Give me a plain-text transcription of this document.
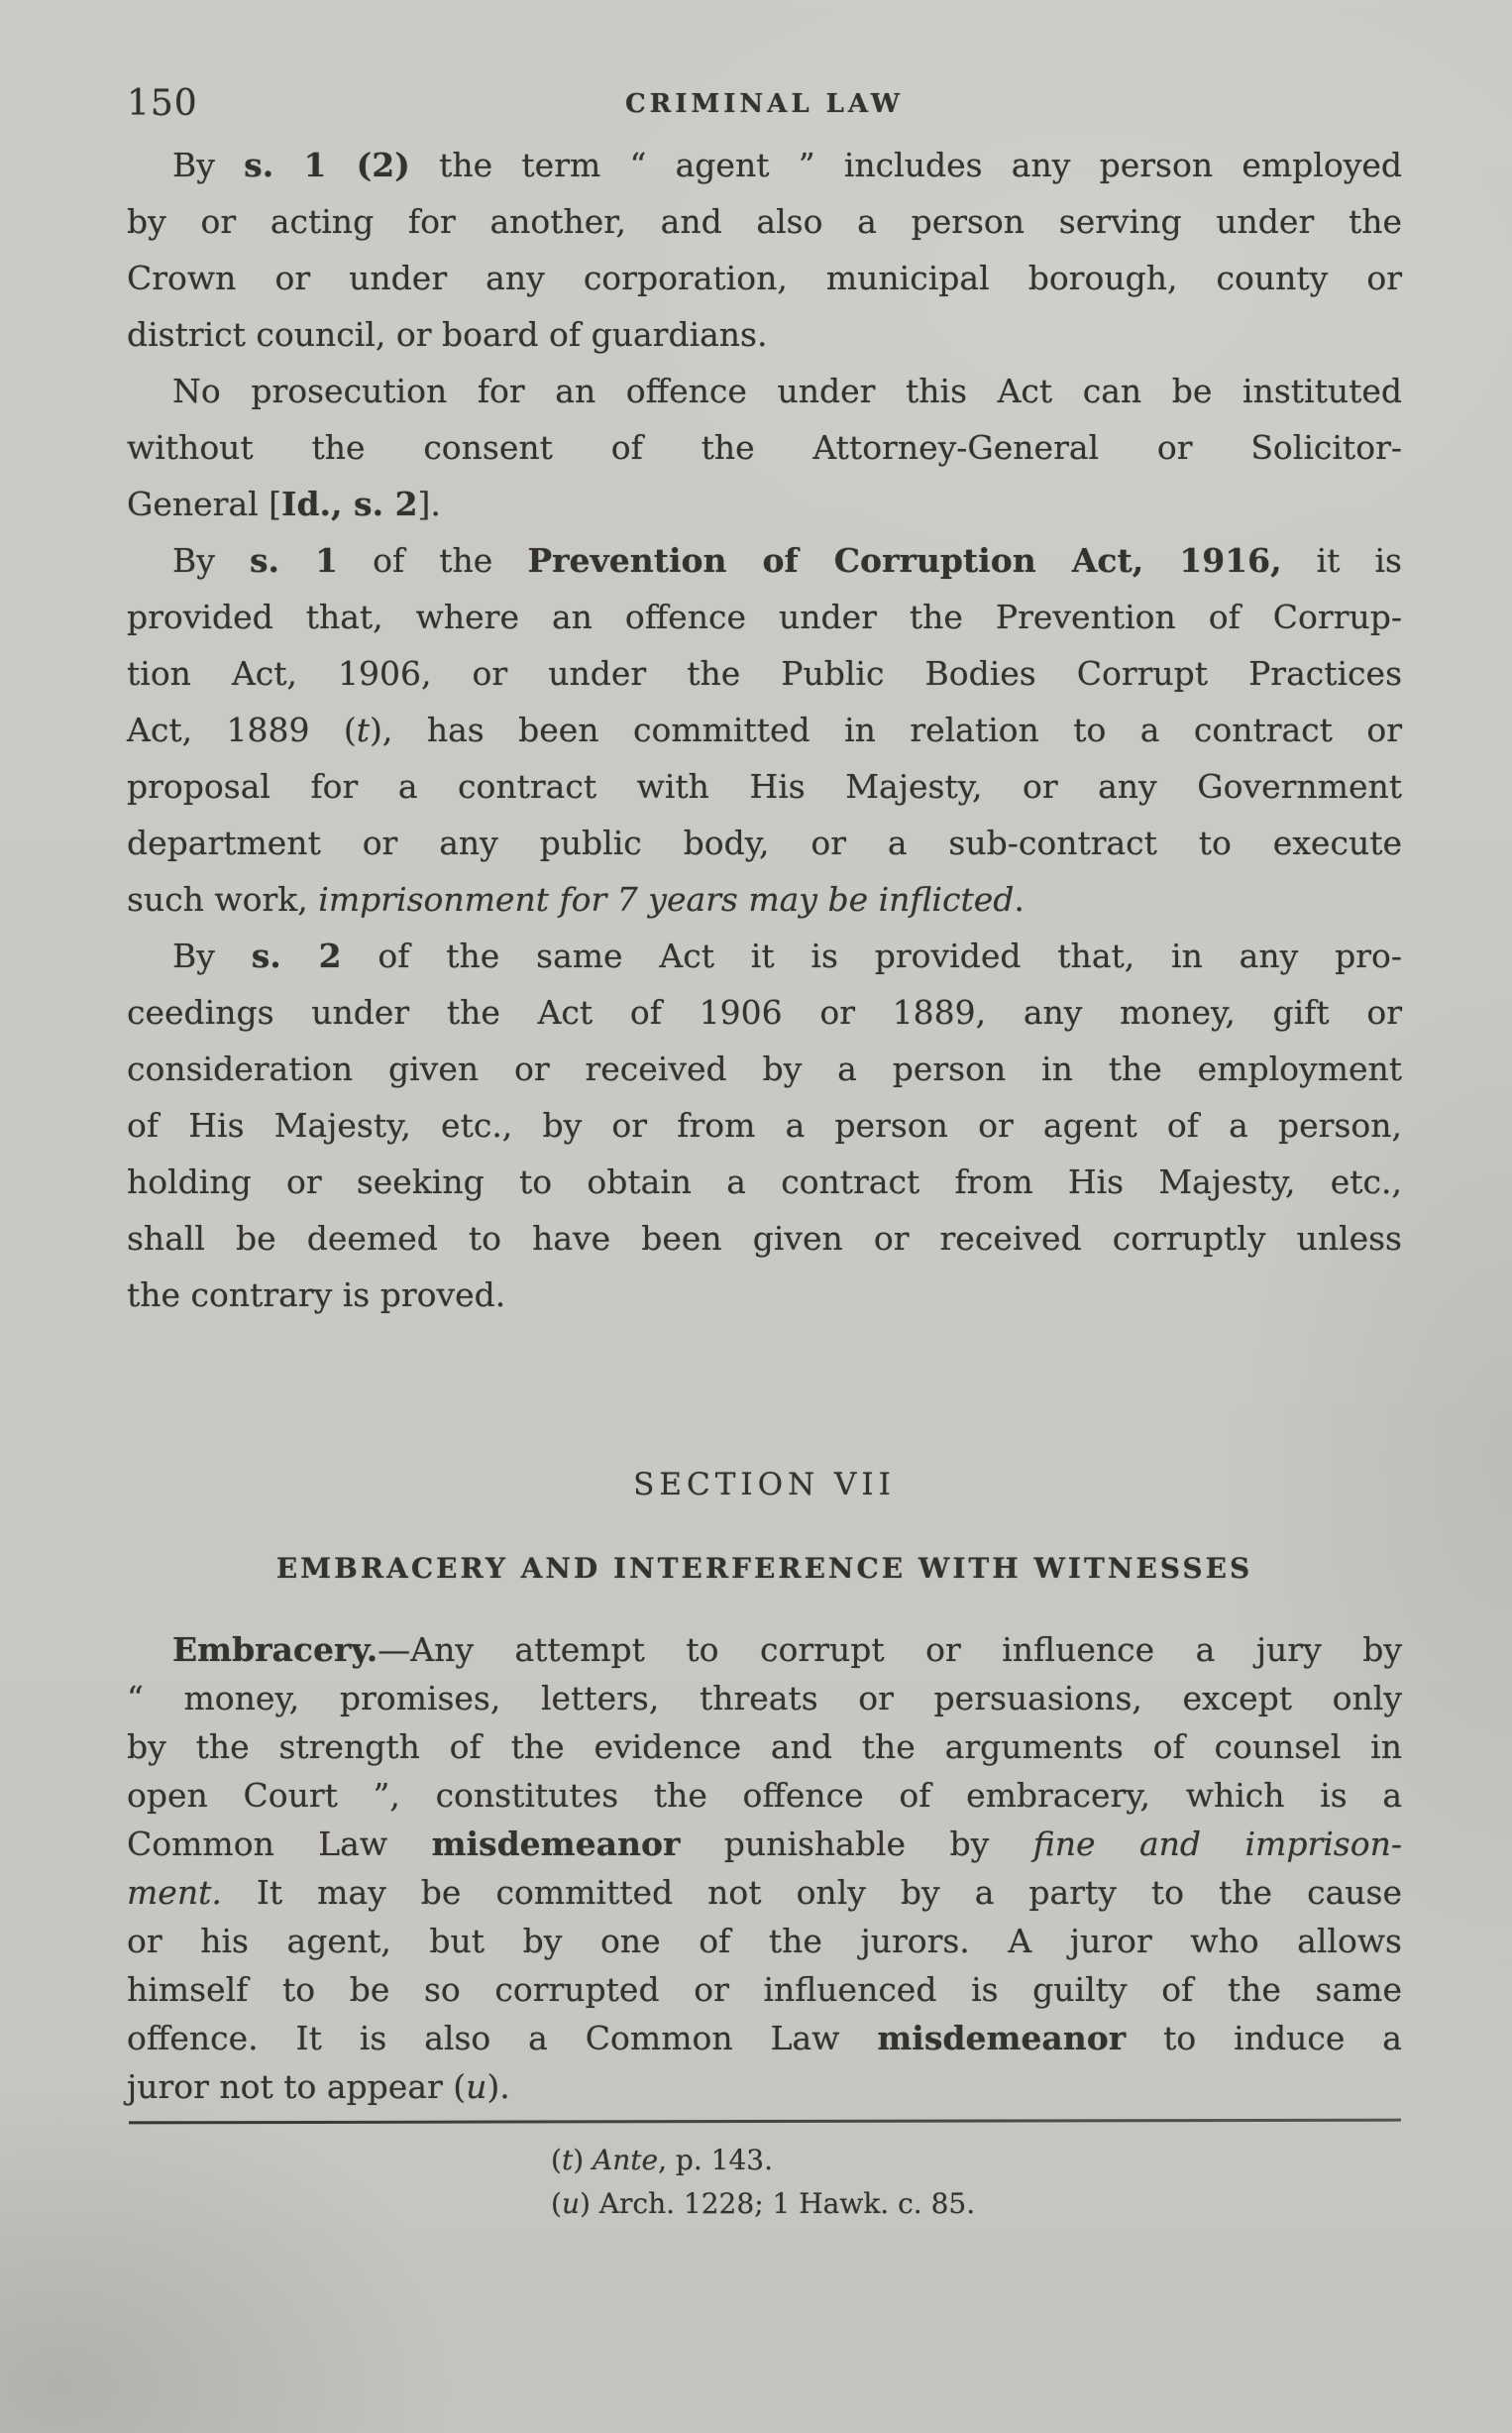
150	CRIMINAL LAW
By s. 1 (2) the term “ agent ” includes any person employed
by or acting for another, and also a person serving under the
Crown or under any corporation, municipal borough, county or
district council, or board of guardians.
No prosecution for an offence under this Act can be instituted
without the consent of the Attorney-General or Solicitor-
General [Id., s. 2].
By s. 1 of the Prevention of Corruption Act, 1916, it is
provided that, where an offence under the Prevention of Corrup-
tion Act, 1906, or under the Public Bodies Corrupt Practices
Act, 1889 (t), has been committed in relation to a contract or
proposal for a contract with His Majesty, or any Government
department or any public body, or a sub-contract to execute
such work, imprisonment for 7 years may be inflicted.
By s. 2 of the same Act it is provided that, in any pro-
ceedings under the Act of 1906 or 1889, any money, gift or
consideration given or received by a person in the employment
of His Majesty, etc., by or from a person or agent of a person,
holding or seeking to obtain a contract from His Majesty, etc.,
shall be deemed to have been given or received corruptly unless
the contrary is proved.
SECTION VII
EMBRACERY AND INTERFERENCE WITH WITNESSES
Embracery.—Any attempt to corrupt or influence a jury by
“ money, promises, letters, threats or persuasions, except only
by the strength of the evidence and the arguments of counsel in
open Court ”, constitutes the offence of embracery, which is a
Common Law misdemeanor punishable by fine and imprison-
ment. It may be committed not only by a party to the cause
or his agent, but by one of the jurors. A juror who allows
himself to be so corrupted or influenced is guilty of the same
offence. It is also a Common Law misdemeanor to induce a
juror not to appear (u).
(t) Ante, p. 143.
(u) Arch. 1228; 1 Hawk. c. 85.
